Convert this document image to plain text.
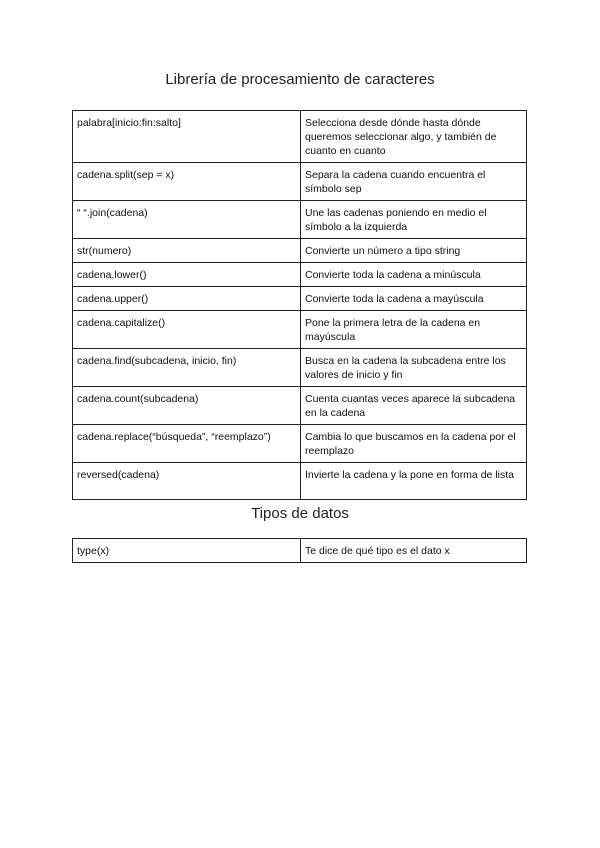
Librería de procesamiento de caracteres
palabra[inicio:fin:salto]	Selecciona desde dónde hasta dónde queremos seleccionar algo, y también de cuanto en cuanto
cadena.split(sep = x)	Separa la cadena cuando encuentra el símbolo sep
“ “.join(cadena)	Une las cadenas poniendo en medio el símbolo a la izquierda
str(numero)	Convierte un número a tipo string
cadena.lower()	Convierte toda la cadena a minúscula
cadena.upper()	Convierte toda la cadena a mayúscula
cadena.capitalize()	Pone la primera letra de la cadena en mayúscula
cadena.find(subcadena, inicio, fin)	Busca en la cadena la subcadena entre los valores de inicio y fin
cadena.count(subcadena)	Cuenta cuantas veces aparece la subcadena en la cadena
cadena.replace(“búsqueda”, “reemplazo”)	Cambia lo que buscamos en la cadena por el reemplazo
reversed(cadena)	Invierte la cadena y la pone en forma de lista
Tipos de datos
type(x)	Te dice de qué tipo es el dato x
